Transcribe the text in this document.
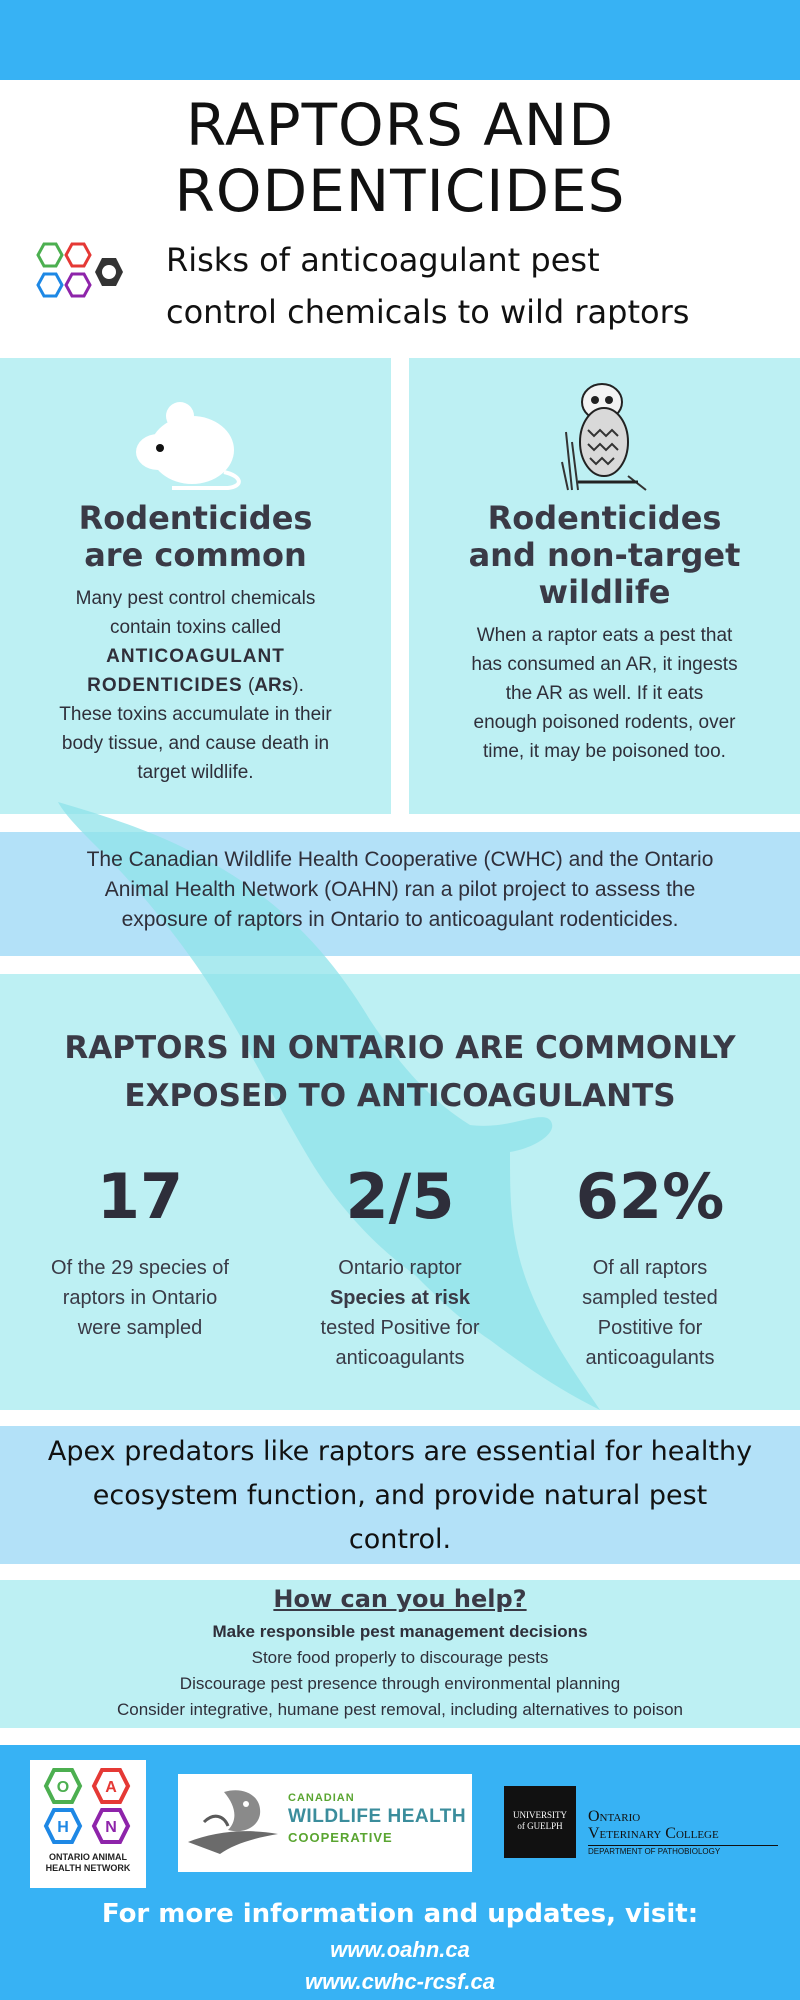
RAPTORS AND
RODENTICIDES
Risks of anticoagulant pest
control chemicals to wild raptors
Rodenticides
are common
Many pest control chemicals
contain toxins called
ANTICOAGULANT
RODENTICIDES (ARs).
These toxins accumulate in their
body tissue, and cause death in
target wildlife.
Rodenticides
and non-target
wildlife
When a raptor eats a pest that
has consumed an AR, it ingests
the AR as well. If it eats
enough poisoned rodents, over
time, it may be poisoned too.
The Canadian Wildlife Health Cooperative (CWHC) and the Ontario
Animal Health Network (OAHN) ran a pilot project to assess the
exposure of raptors in Ontario to anticoagulant rodenticides.
RAPTORS IN ONTARIO ARE COMMONLY
EXPOSED TO ANTICOAGULANTS
17
Of the 29 species of
raptors in Ontario
were sampled
2/5
Ontario raptor
Species at risk
tested Positive for
anticoagulants
62%
Of all raptors
sampled tested
Postitive for
anticoagulants
Apex predators like raptors are essential for healthy
ecosystem function, and provide natural pest
control.
How can you help?
Make responsible pest management decisions
Store food properly to discourage pests
Discourage pest presence through environmental planning
Consider integrative, humane pest removal, including alternatives to poison
O A
H N
ONTARIO ANIMAL
HEALTH NETWORK
CANADIAN
WILDLIFE HEALTH
COOPERATIVE
UNIVERSITY
of GUELPH
Ontario
Veterinary College
DEPARTMENT OF PATHOBIOLOGY
For more information and updates, visit:
www.oahn.ca
www.cwhc-rcsf.ca
